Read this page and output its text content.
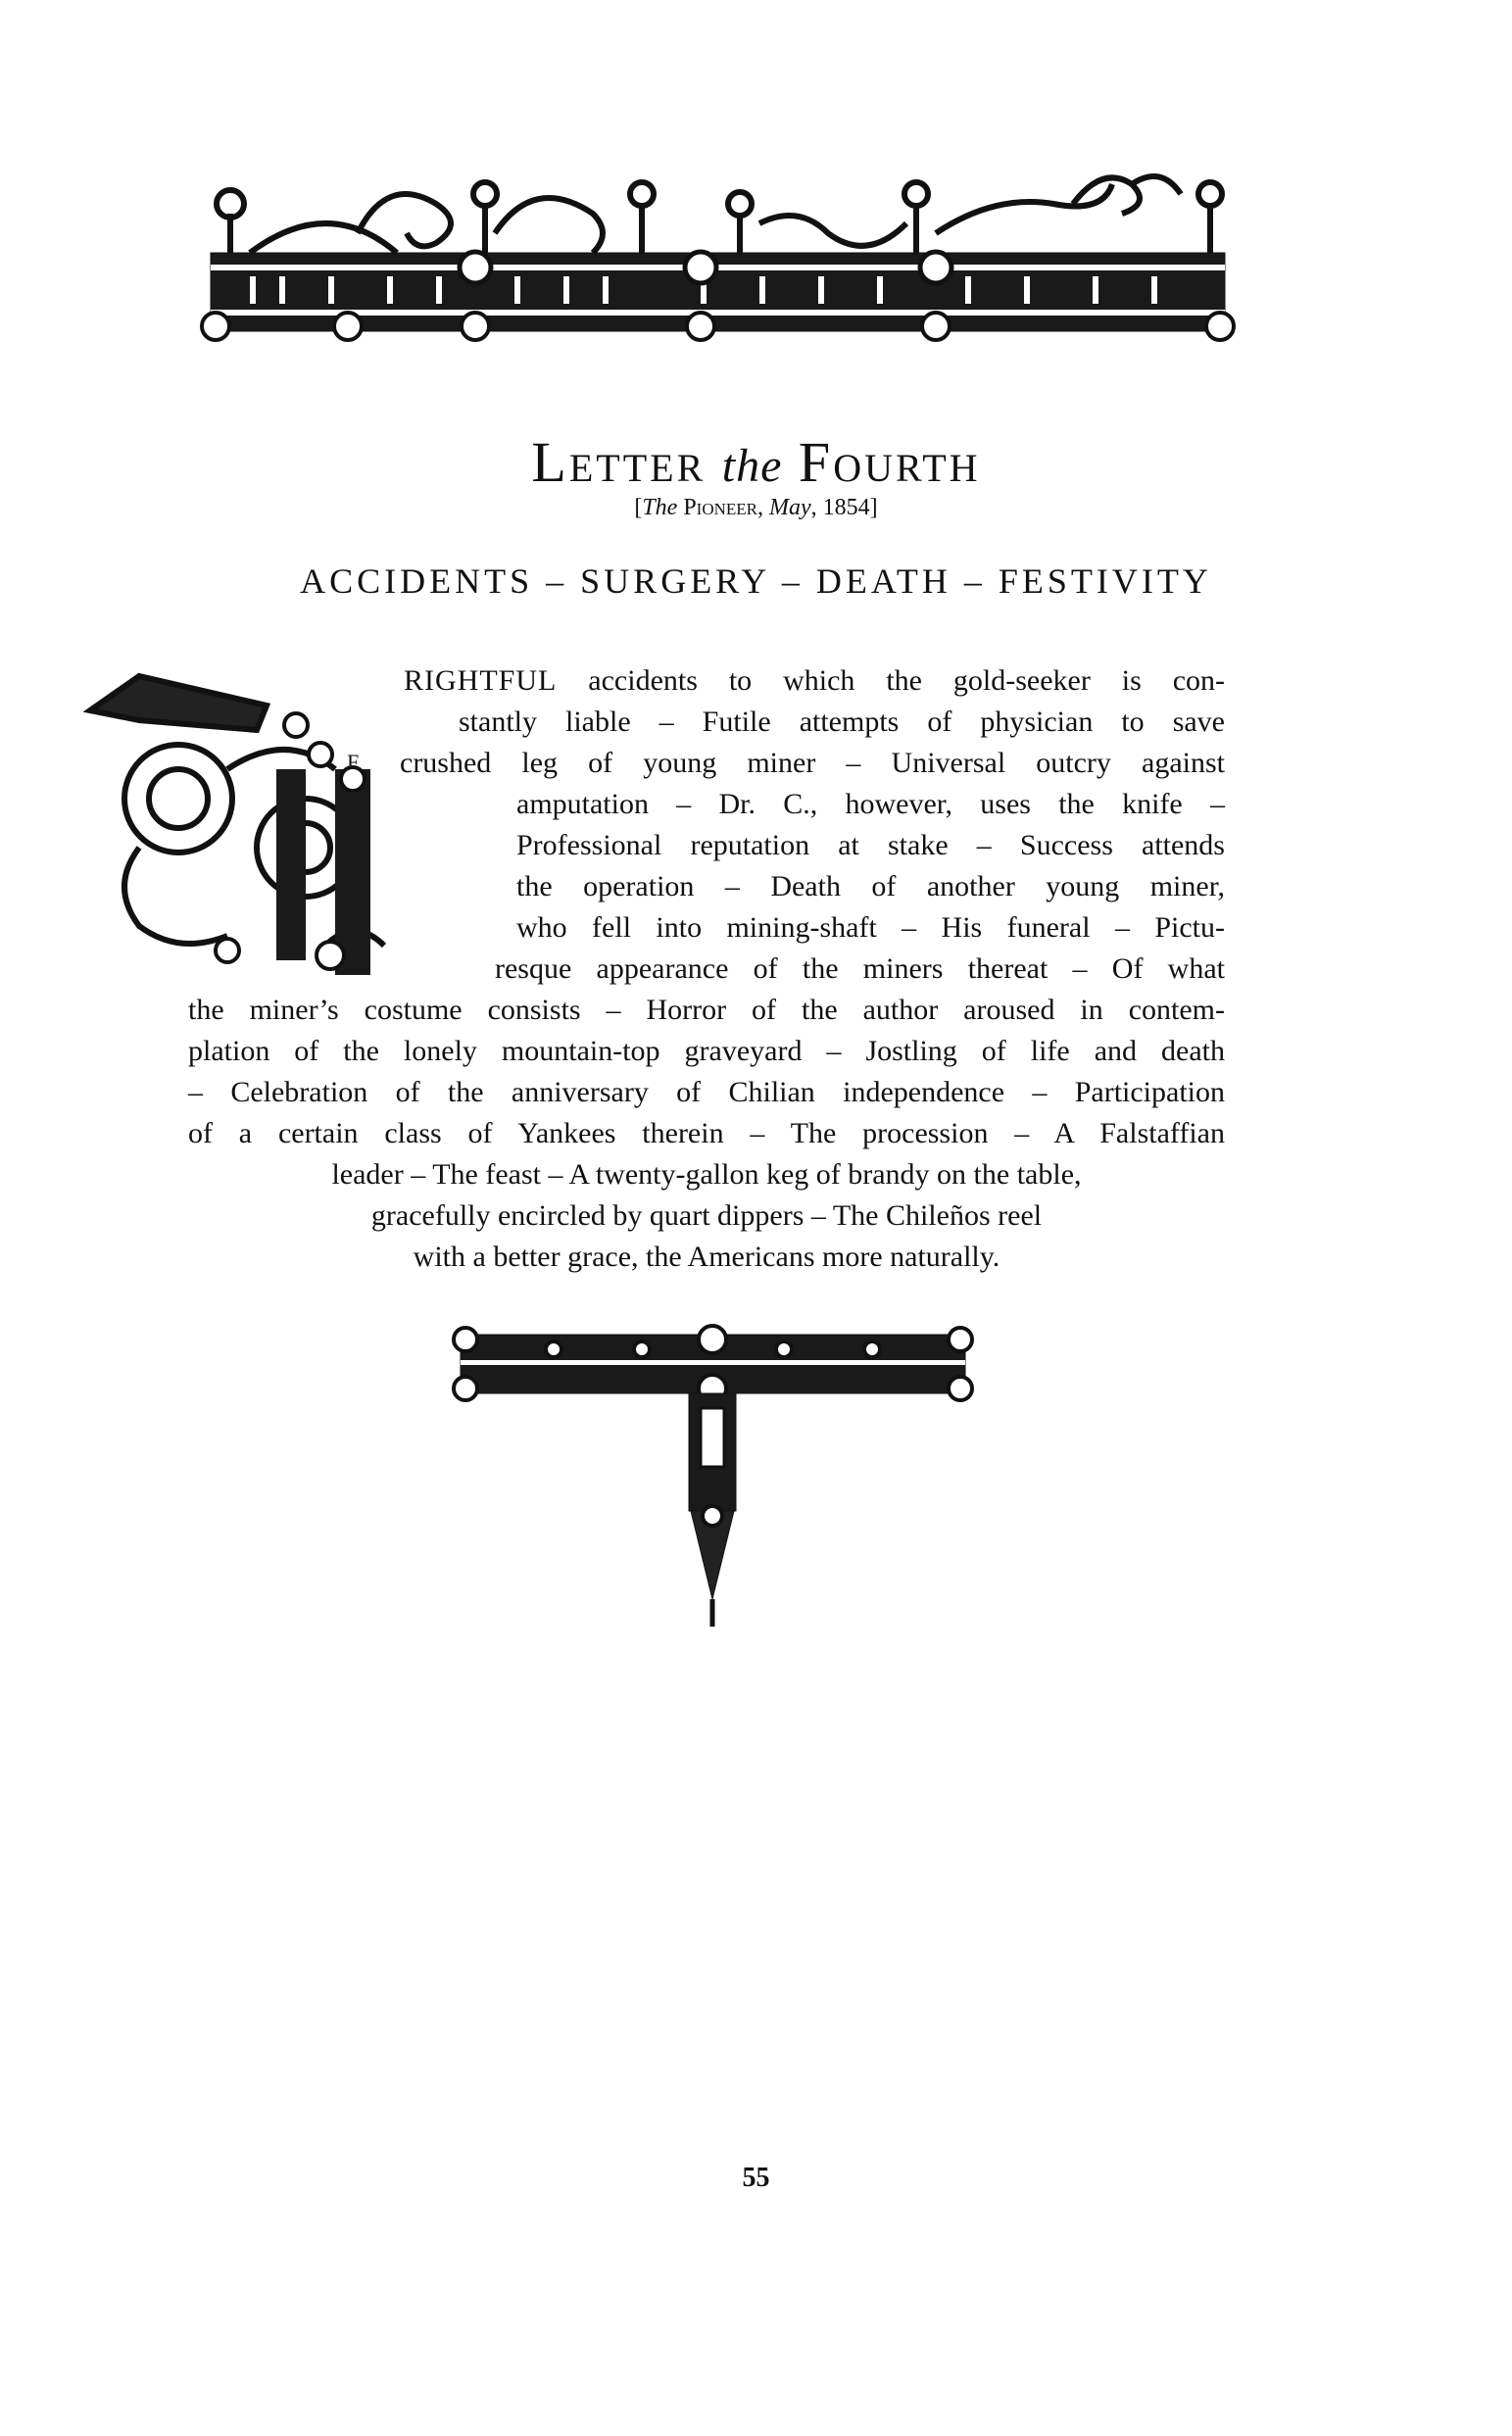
LETTER the FOURTH
[The Pioneer, May, 1854]
ACCIDENTS – SURGERY – DEATH – FESTIVITY
F
RIGHTFUL accidents to which the gold-seeker is con-
stantly liable – Futile attempts of physician to save
crushed leg of young miner – Universal outcry against
amputation – Dr. C., however, uses the knife –
Professional reputation at stake – Success attends
the operation – Death of another young miner,
who fell into mining-shaft – His funeral – Pictu-
resque appearance of the miners thereat – Of what
the miner’s costume consists – Horror of the author aroused in contem-
plation of the lonely mountain-top graveyard – Jostling of life and death
– Celebration of the anniversary of Chilian independence – Participation
of a certain class of Yankees therein – The procession – A Falstaffian
leader – The feast – A twenty-gallon keg of brandy on the table,
gracefully encircled by quart dippers – The Chileños reel
with a better grace, the Americans more naturally.
55
